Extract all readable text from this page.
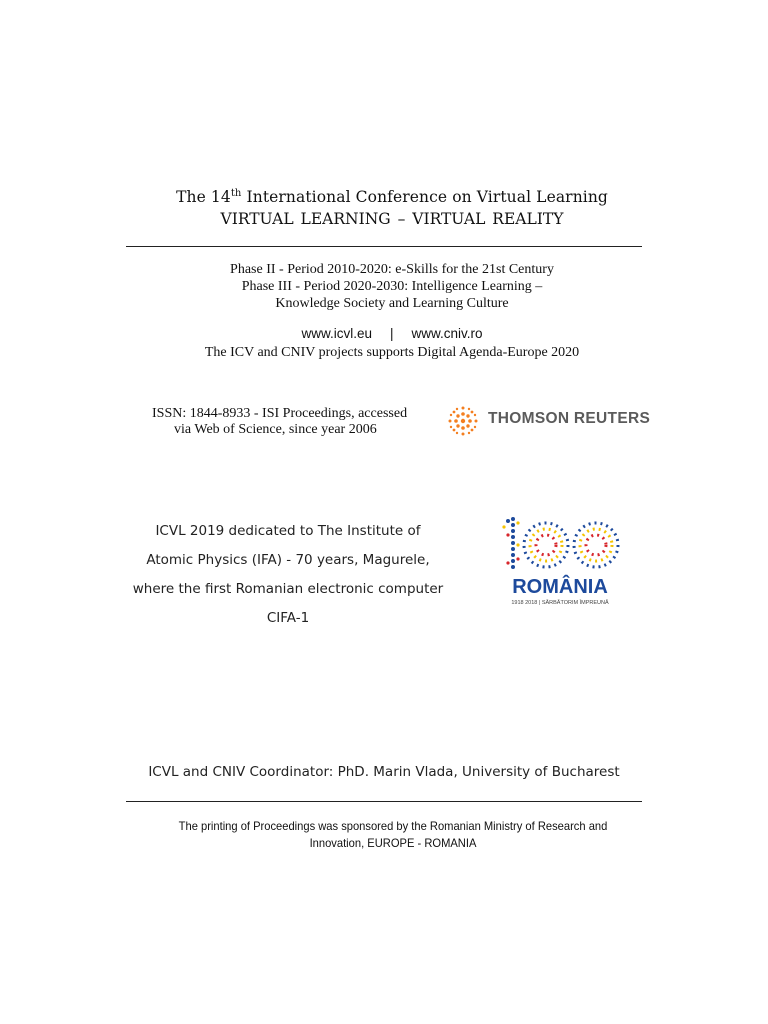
The 14th International Conference on Virtual Learning
VIRTUAL LEARNING – VIRTUAL REALITY
Phase II - Period 2010-2020: e-Skills for the 21st Century
Phase III - Period 2020-2030: Intelligence Learning –
Knowledge Society and Learning Culture
www.icvl.eu | www.cniv.ro
The ICV and CNIV projects supports Digital Agenda-Europe 2020
ISSN: 1844-8933 - ISI Proceedings, accessed
via Web of Science, since year 2006
THOMSON REUTERS
ICVL 2019 dedicated to The Institute of
Atomic Physics (IFA) - 70 years, Magurele,
where the first Romanian electronic computer
CIFA-1
ROMÂNIA
1918 2018 | SĂRBĂTORIM ÎMPREUNĂ
ICVL and CNIV Coordinator: PhD. Marin Vlada, University of Bucharest
The printing of Proceedings was sponsored by the Romanian Ministry of Research and
Innovation, EUROPE - ROMANIA
